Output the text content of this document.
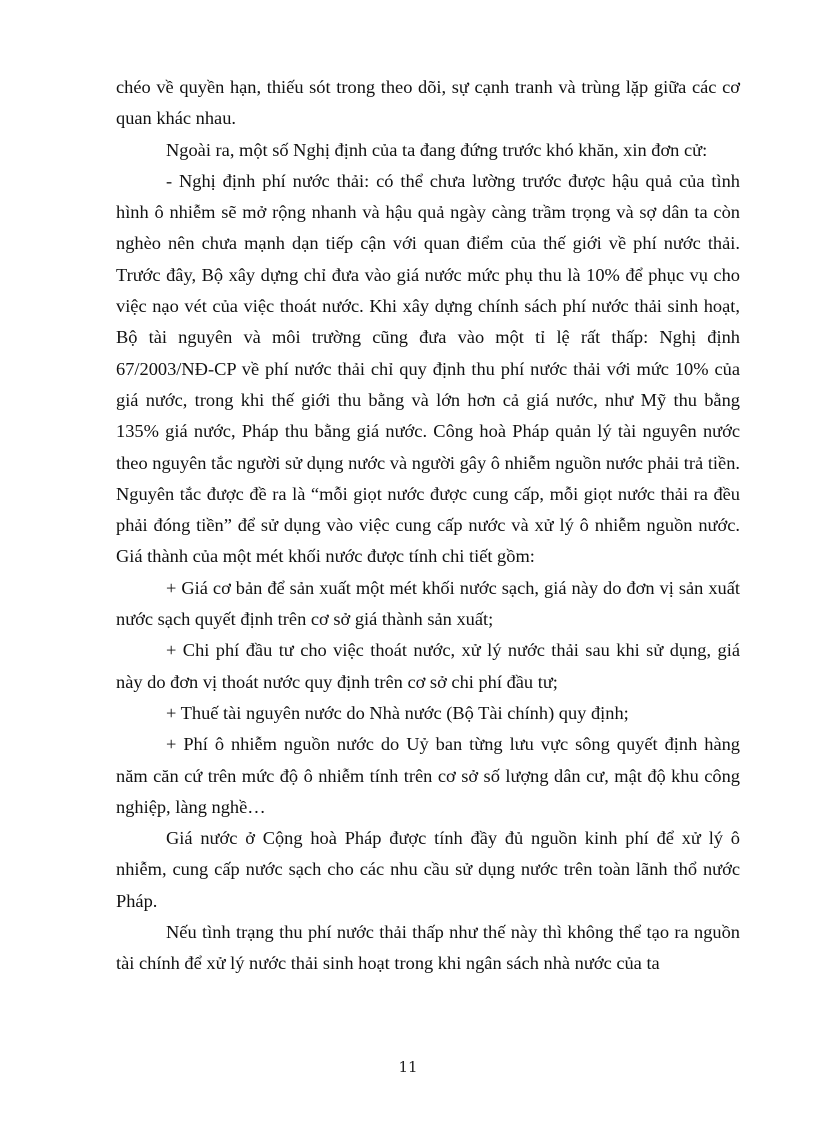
chéo về quyền hạn, thiếu sót trong theo dõi, sự cạnh tranh và trùng lặp giữa các cơ quan khác nhau.

Ngoài ra, một số Nghị định của ta đang đứng trước khó khăn, xin đơn cử:

- Nghị định phí nước thải: có thể chưa lường trước được hậu quả của tình hình ô nhiễm sẽ mở rộng nhanh và hậu quả ngày càng trầm trọng và sợ dân ta còn nghèo nên chưa mạnh dạn tiếp cận với quan điểm của thế giới về phí nước thải. Trước đây, Bộ xây dựng chỉ đưa vào giá nước mức phụ thu là 10% để phục vụ cho việc nạo vét của việc thoát nước. Khi xây dựng chính sách phí nước thải sinh hoạt, Bộ tài nguyên và môi trường cũng đưa vào một tỉ lệ rất thấp: Nghị định 67/2003/NĐ-CP về phí nước thải chỉ quy định thu phí nước thải với mức 10% của giá nước, trong khi thế giới thu bằng và lớn hơn cả giá nước, như Mỹ thu bằng 135% giá nước, Pháp thu bằng giá nước. Công hoà Pháp quản lý tài nguyên nước theo nguyên tắc người sử dụng nước và người gây ô nhiễm nguồn nước phải trả tiền. Nguyên tắc được đề ra là “mỗi giọt nước được cung cấp, mỗi giọt nước thải ra đều phải đóng tiền” để sử dụng vào việc cung cấp nước và xử lý ô nhiễm nguồn nước. Giá thành của một mét khối nước được tính chi tiết gồm:

+ Giá cơ bản để sản xuất một mét khối nước sạch, giá này do đơn vị sản xuất nước sạch quyết định trên cơ sở giá thành sản xuất;

+ Chi phí đầu tư cho việc thoát nước, xử lý nước thải sau khi sử dụng, giá này do đơn vị thoát nước quy định trên cơ sở chi phí đầu tư;

+ Thuế tài nguyên nước do Nhà nước (Bộ Tài chính) quy định;

+ Phí ô nhiễm nguồn nước do Uỷ ban từng lưu vực sông quyết định hàng năm căn cứ trên mức độ ô nhiễm tính trên cơ sở số lượng dân cư, mật độ khu công nghiệp, làng nghề…

Giá nước ở Cộng hoà Pháp được tính đầy đủ nguồn kinh phí để xử lý ô nhiễm, cung cấp nước sạch cho các nhu cầu sử dụng nước trên toàn lãnh thổ nước Pháp.

Nếu tình trạng thu phí nước thải thấp như thế này thì không thể tạo ra nguồn tài chính để xử lý nước thải sinh hoạt trong khi ngân sách nhà nước của ta

11
